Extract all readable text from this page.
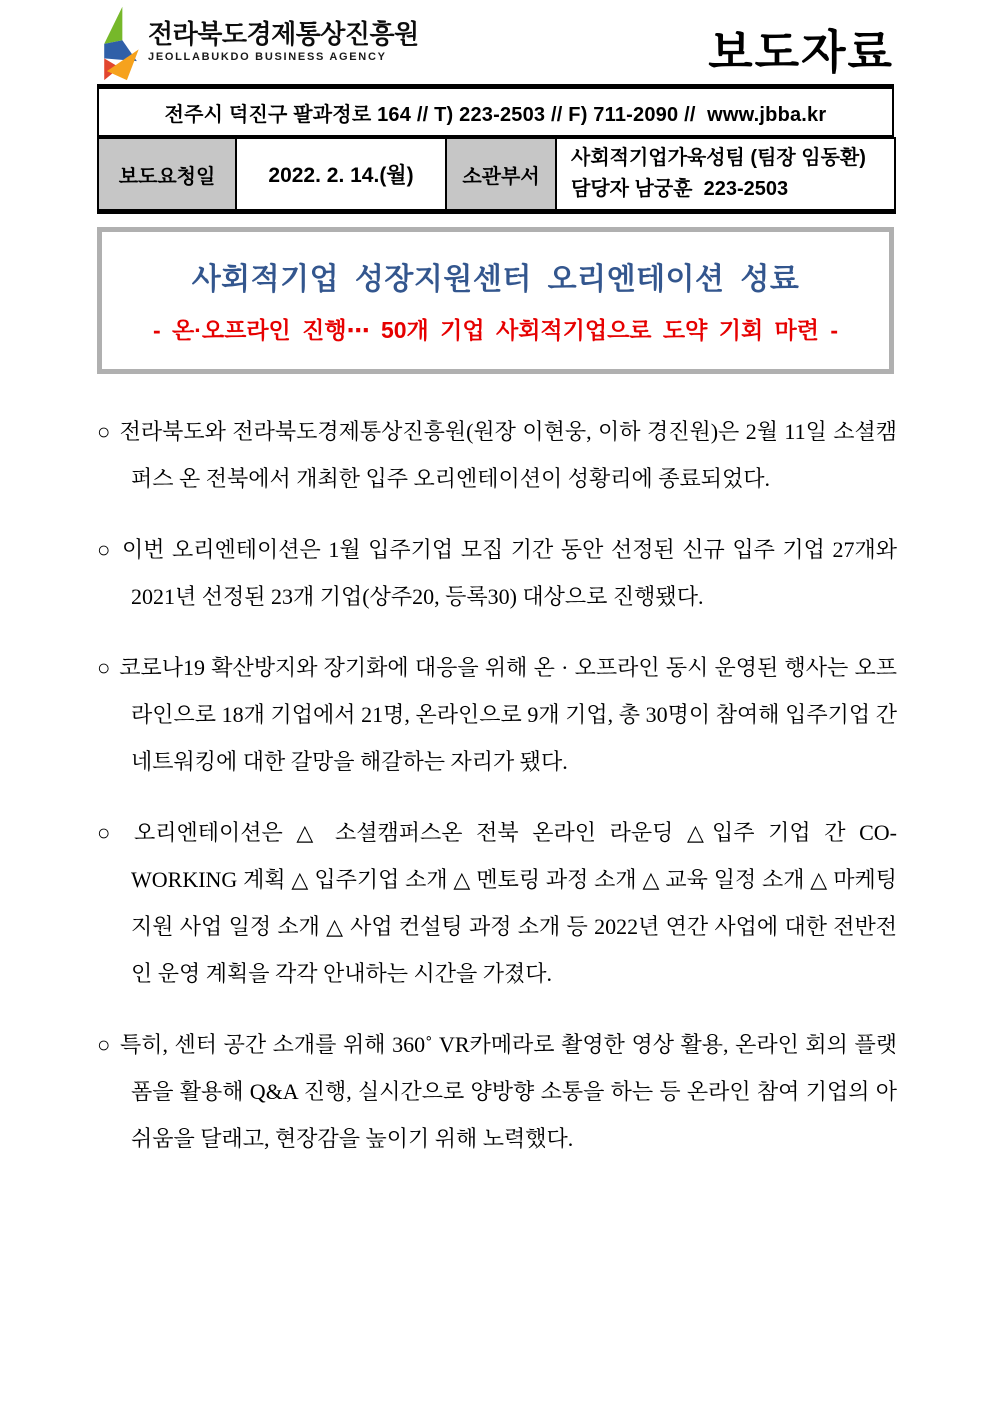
전라북도경제통상진흥원
JEOLLABUKDO BUSINESS AGENCY	보도자료
전주시 덕진구 팔과정로 164 // T) 223-2503 // F) 711-2090 //  www.jbba.kr
보도요청일	2022. 2. 14.(월)	소관부서	
사회적기업가육성팀 (팀장 임동환)
담당자 남궁훈  223-2503
사회적기업 성장지원센터 오리엔테이션 성료
- 온·오프라인 진행⋯ 50개 기업 사회적기업으로 도약 기회 마련 -

○ 전라북도와 전라북도경제통상진흥원(원장 이현웅, 이하 경진원)은 2월 11일 소셜캠퍼스 온 전북에서 개최한 입주 오리엔테이션이 성황리에 종료되었다.

○ 이번 오리엔테이션은 1월 입주기업 모집 기간 동안 선정된 신규 입주 기업 27개와 2021년 선정된 23개 기업(상주20, 등록30) 대상으로 진행됐다.

○ 코로나19 확산방지와 장기화에 대응을 위해 온 · 오프라인 동시 운영된 행사는 오프라인으로 18개 기업에서 21명, 온라인으로 9개 기업, 총 30명이 참여해 입주기업 간 네트워킹에 대한 갈망을 해갈하는 자리가 됐다.

○ 오리엔테이션은 △ 소셜캠퍼스온 전북 온라인 라운딩 △입주 기업 간 CO-WORKING 계획 △ 입주기업 소개 △ 멘토링 과정 소개 △ 교육 일정 소개 △ 마케팅 지원 사업 일정 소개 △ 사업 컨설팅 과정 소개 등 2022년 연간 사업에 대한 전반전인 운영 계획을 각각 안내하는 시간을 가졌다.

○ 특히, 센터 공간 소개를 위해 360˚ VR카메라로 촬영한 영상 활용, 온라인 회의 플랫폼을 활용해 Q&A 진행, 실시간으로 양방향 소통을 하는 등 온라인 참여 기업의 아쉬움을 달래고, 현장감을 높이기 위해 노력했다.
